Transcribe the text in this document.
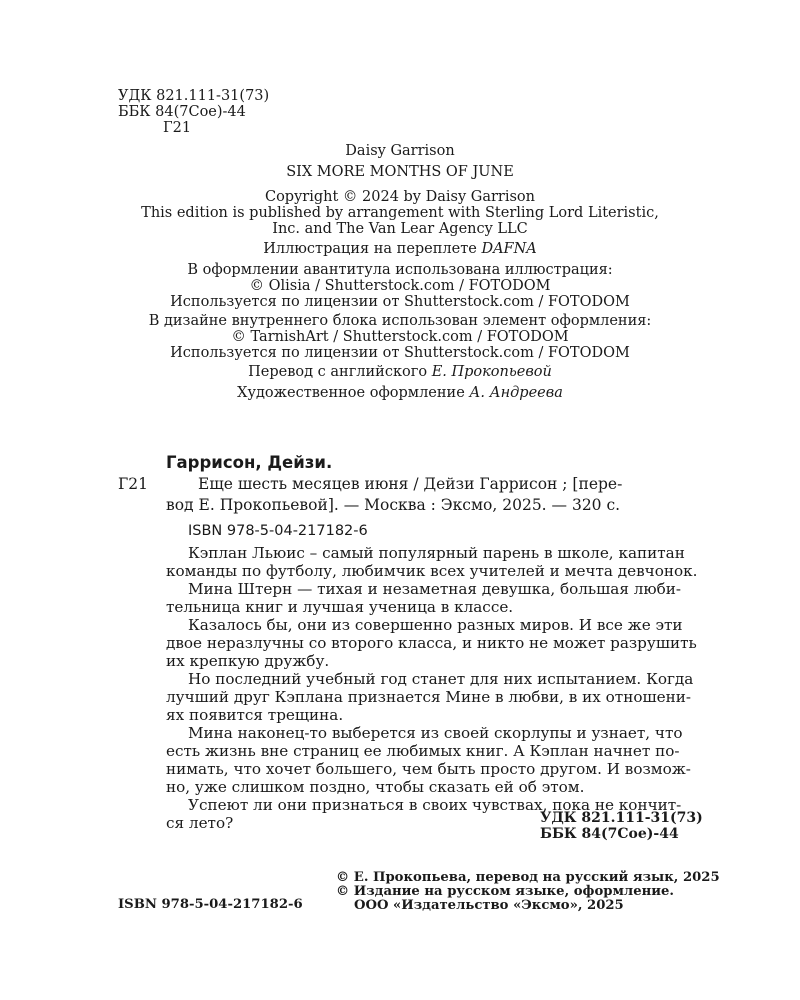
УДК 821.111-31(73)
ББК 84(7Сое)-44
Г21
Daisy Garrison
SIX MORE MONTHS OF JUNE
Copyright © 2024 by Daisy Garrison
This edition is published by arrangement with Sterling Lord Literistic,
Inc. and The Van Lear Agency LLC
Иллюстрация на переплете DAFNA
В оформлении авантитула использована иллюстрация:
© Olisia / Shutterstock.com / FOTODOM
Используется по лицензии от Shutterstock.com / FOTODOM
В дизайне внутреннего блока использован элемент оформления:
© TarnishArt / Shutterstock.com / FOTODOM
Используется по лицензии от Shutterstock.com / FOTODOM
Перевод с английского Е. Прокопьевой
Художественное оформление А. Андреева
Гаррисон, Дейзи.
Г21	Еще шесть месяцев июня / Дейзи Гаррисон ; [пере-
вод Е. Прокопьевой]. — Москва : Эксмо, 2025. — 320 с.
ISBN 978-5-04-217182-6
Кэплан Льюис – самый популярный парень в школе, капитан
команды по футболу, любимчик всех учителей и мечта девчонок.
Мина Штерн — тихая и незаметная девушка, большая люби-
тельница книг и лучшая ученица в классе.
Казалось бы, они из совершенно разных миров. И все же эти
двое неразлучны со второго класса, и никто не может разрушить
их крепкую дружбу.
Но последний учебный год станет для них испытанием. Когда
лучший друг Кэплана признается Мине в любви, в их отношени-
ях появится трещина.
Мина наконец-то выберется из своей скорлупы и узнает, что
есть жизнь вне страниц ее любимых книг. А Кэплан начнет по-
нимать, что хочет большего, чем быть просто другом. И возмож-
но, уже слишком поздно, чтобы сказать ей об этом.
Успеют ли они признаться в своих чувствах, пока не кончит-
ся лето?	УДК 821.111-31(73)
ББК 84(7Сое)-44
ISBN 978-5-04-217182-6
© Е. Прокопьева, перевод на русский язык, 2025
© Издание на русском языке, оформление.
ООО «Издательство «Эксмо», 2025
